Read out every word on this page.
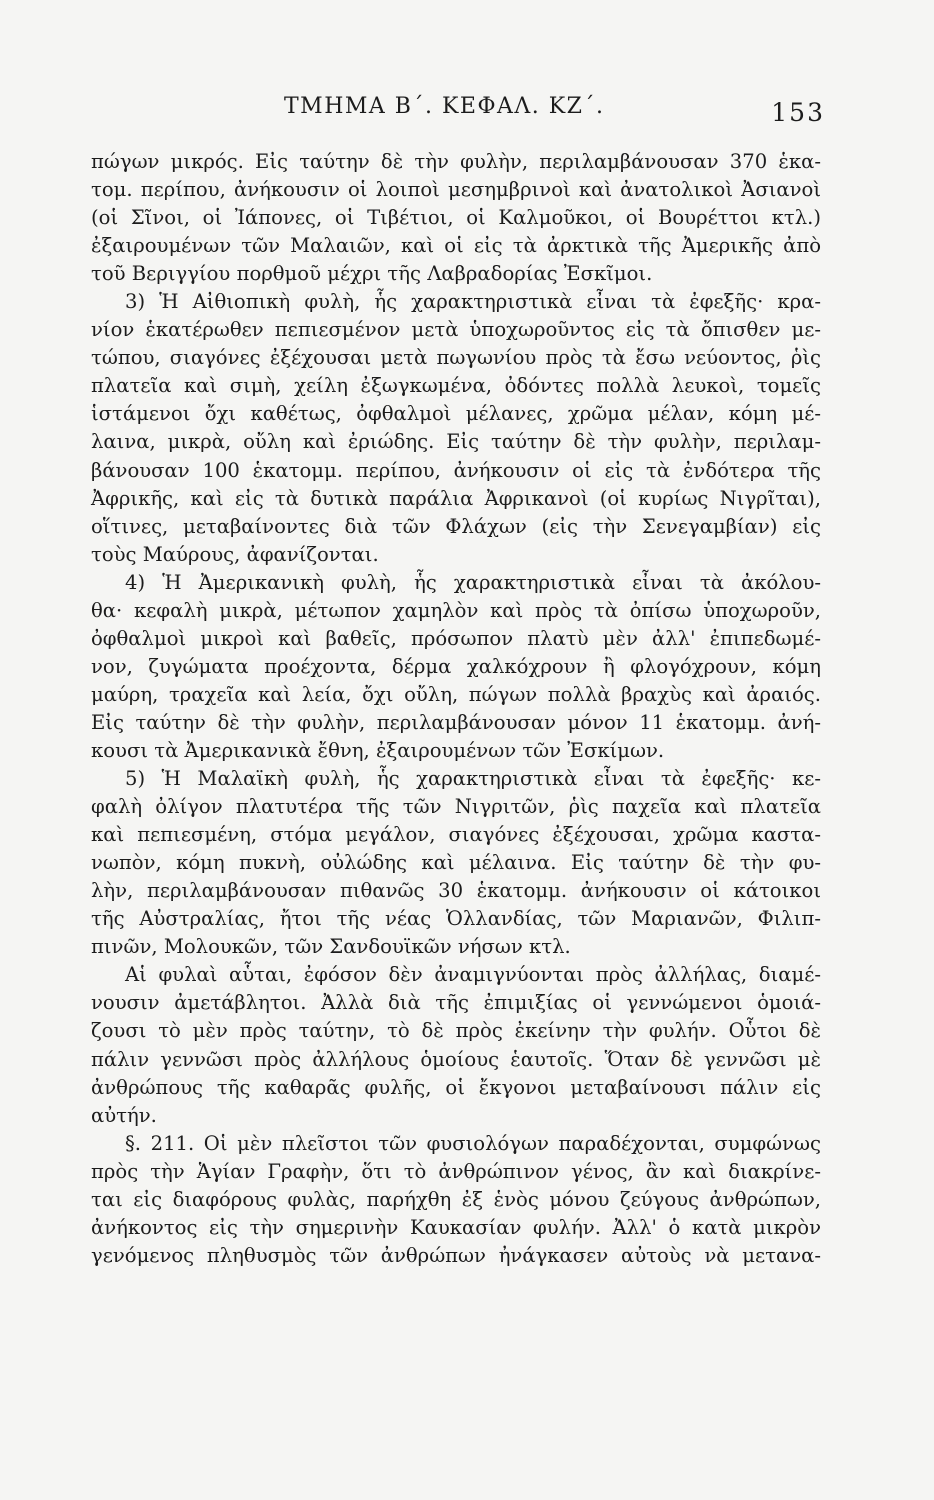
ΤΜΗΜΑ Β΄. ΚΕΦΑΛ. ΚΖ΄.	153
πώγων μικρός. Εἰς ταύτην δὲ τὴν φυλὴν, περιλαμβάνουσαν 370 ἑκα-
τομ. περίπου, ἀνήκουσιν οἱ λοιποὶ μεσημβρινοὶ καὶ ἀνατολικοὶ Ἀσιανοὶ
(οἱ Σῖνοι, οἱ Ἰάπονες, οἱ Τιβέτιοι, οἱ Καλμοῦκοι, οἱ Βουρέττοι κτλ.)
ἐξαιρουμένων τῶν Μαλαιῶν, καὶ οἱ εἰς τὰ ἀρκτικὰ τῆς Ἀμερικῆς ἀπὸ
τοῦ Βεριγγίου πορθμοῦ μέχρι τῆς Λαβραδορίας Ἐσκῖμοι.
3) Ἡ Αἰθιοπικὴ φυλὴ, ἧς χαρακτηριστικὰ εἶναι τὰ ἐφεξῆς· κρα-
νίον ἑκατέρωθεν πεπιεσμένον μετὰ ὑποχωροῦντος εἰς τὰ ὄπισθεν με-
τώπου, σιαγόνες ἐξέχουσαι μετὰ πωγωνίου πρὸς τὰ ἔσω νεύοντος, ῥὶς
πλατεῖα καὶ σιμὴ, χείλη ἐξωγκωμένα, ὀδόντες πολλὰ λευκοὶ, τομεῖς
ἱστάμενοι ὄχι καθέτως, ὀφθαλμοὶ μέλανες, χρῶμα μέλαν, κόμη μέ-
λαινα, μικρὰ, οὔλη καὶ ἐριώδης. Εἰς ταύτην δὲ τὴν φυλὴν, περιλαμ-
βάνουσαν 100 ἑκατομμ. περίπου, ἀνήκουσιν οἱ εἰς τὰ ἐνδότερα τῆς
Ἀφρικῆς, καὶ εἰς τὰ δυτικὰ παράλια Ἀφρικανοὶ (οἱ κυρίως Νιγρῖται),
οἵτινες, μεταβαίνοντες διὰ τῶν Φλάχων (εἰς τὴν Σενεγαμβίαν) εἰς
τοὺς Μαύρους, ἀφανίζονται.
4) Ἡ Ἀμερικανικὴ φυλὴ, ἧς χαρακτηριστικὰ εἶναι τὰ ἀκόλου-
θα· κεφαλὴ μικρὰ, μέτωπον χαμηλὸν καὶ πρὸς τὰ ὀπίσω ὑποχωροῦν,
ὀφθαλμοὶ μικροὶ καὶ βαθεῖς, πρόσωπον πλατὺ μὲν ἀλλ' ἐπιπεδωμέ-
νον, ζυγώματα προέχοντα, δέρμα χαλκόχρουν ἢ φλογόχρουν, κόμη
μαύρη, τραχεῖα καὶ λεία, ὄχι οὔλη, πώγων πολλὰ βραχὺς καὶ ἀραιός.
Εἰς ταύτην δὲ τὴν φυλὴν, περιλαμβάνουσαν μόνον 11 ἑκατομμ. ἀνή-
κουσι τὰ Ἀμερικανικὰ ἔθνη, ἐξαιρουμένων τῶν Ἐσκίμων.
5) Ἡ Μαλαϊκὴ φυλὴ, ἧς χαρακτηριστικὰ εἶναι τὰ ἐφεξῆς· κε-
φαλὴ ὀλίγον πλατυτέρα τῆς τῶν Νιγριτῶν, ῥὶς παχεῖα καὶ πλατεῖα
καὶ πεπιεσμένη, στόμα μεγάλον, σιαγόνες ἐξέχουσαι, χρῶμα καστα-
νωπὸν, κόμη πυκνὴ, οὐλώδης καὶ μέλαινα. Εἰς ταύτην δὲ τὴν φυ-
λὴν, περιλαμβάνουσαν πιθανῶς 30 ἑκατομμ. ἀνήκουσιν οἱ κάτοικοι
τῆς Αὐστραλίας, ἤτοι τῆς νέας Ὁλλανδίας, τῶν Μαριανῶν, Φιλιπ-
πινῶν, Μολουκῶν, τῶν Σανδουϊκῶν νήσων κτλ.
Αἱ φυλαὶ αὗται, ἐφόσον δὲν ἀναμιγνύονται πρὸς ἀλλήλας, διαμέ-
νουσιν ἀμετάβλητοι. Ἀλλὰ διὰ τῆς ἐπιμιξίας οἱ γεννώμενοι ὁμοιά-
ζουσι τὸ μὲν πρὸς ταύτην, τὸ δὲ πρὸς ἐκείνην τὴν φυλήν. Οὗτοι δὲ
πάλιν γεννῶσι πρὸς ἀλλήλους ὁμοίους ἑαυτοῖς. Ὅταν δὲ γεννῶσι μὲ
ἀνθρώπους τῆς καθαρᾶς φυλῆς, οἱ ἔκγονοι μεταβαίνουσι πάλιν εἰς
αὐτήν.
§. 211. Οἱ μὲν πλεῖστοι τῶν φυσιολόγων παραδέχονται, συμφώνως
πρὸς τὴν Ἁγίαν Γραφὴν, ὅτι τὸ ἀνθρώπινον γένος, ἂν καὶ διακρίνε-
ται εἰς διαφόρους φυλὰς, παρήχθη ἐξ ἑνὸς μόνου ζεύγους ἀνθρώπων,
ἀνήκοντος εἰς τὴν σημερινὴν Καυκασίαν φυλήν. Ἀλλ' ὁ κατὰ μικρὸν
γενόμενος πληθυσμὸς τῶν ἀνθρώπων ἠνάγκασεν αὐτοὺς νὰ μετανα-
